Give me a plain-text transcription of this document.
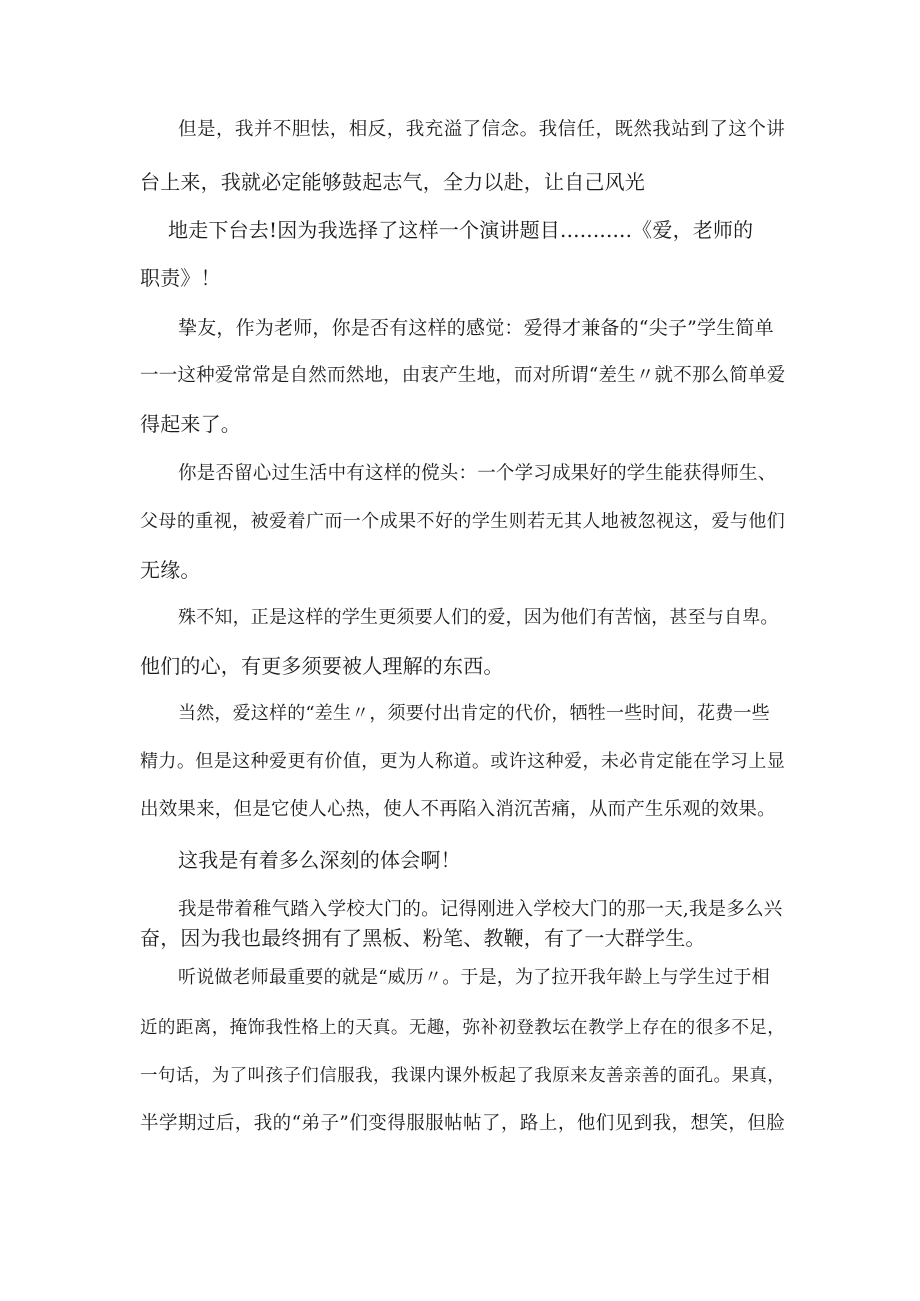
但是，我并不胆怯，相反，我充溢了信念。我信任，既然我站到了这个讲
台上来，我就必定能够鼓起志气，全力以赴，让自己风光
地走下台去!因为我选择了这样一个演讲题目...........《爱，老师的
职责》！
挚友，作为老师，你是否有这样的感觉：爱得才兼备的“尖子”学生简单
一一这种爱常常是自然而然地，由衷产生地，而对所谓“差生〃就不那么简单爱
得起来了。
你是否留心过生活中有这样的傥头：一个学习成果好的学生能获得师生、
父母的重视，被爱着广而一个成果不好的学生则若无其人地被忽视这，爱与他们
无缘。
殊不知，正是这样的学生更须要人们的爱，因为他们有苦恼，甚至与自卑。
他们的心，有更多须要被人理解的东西。
当然，爱这样的“差生〃，须要付出肯定的代价，牺牲一些时间，花费一些
精力。但是这种爱更有价值，更为人称道。或许这种爱，未必肯定能在学习上显
出效果来，但是它使人心热，使人不再陷入消沉苦痛，从而产生乐观的效果。
这我是有着多么深刻的体会啊！
我是带着稚气踏入学校大门的。记得刚进入学校大门的那一天,我是多么兴
奋，因为我也最终拥有了黑板、粉笔、教鞭，有了一大群学生。
听说做老师最重要的就是“威历〃。于是，为了拉开我年龄上与学生过于相
近的距离，掩饰我性格上的天真。无趣，弥补初登教坛在教学上存在的很多不足，
一句话，为了叫孩子们信服我，我课内课外板起了我原来友善亲善的面孔。果真，
半学期过后，我的“弟子”们变得服服帖帖了，路上，他们见到我，想笑，但脸
